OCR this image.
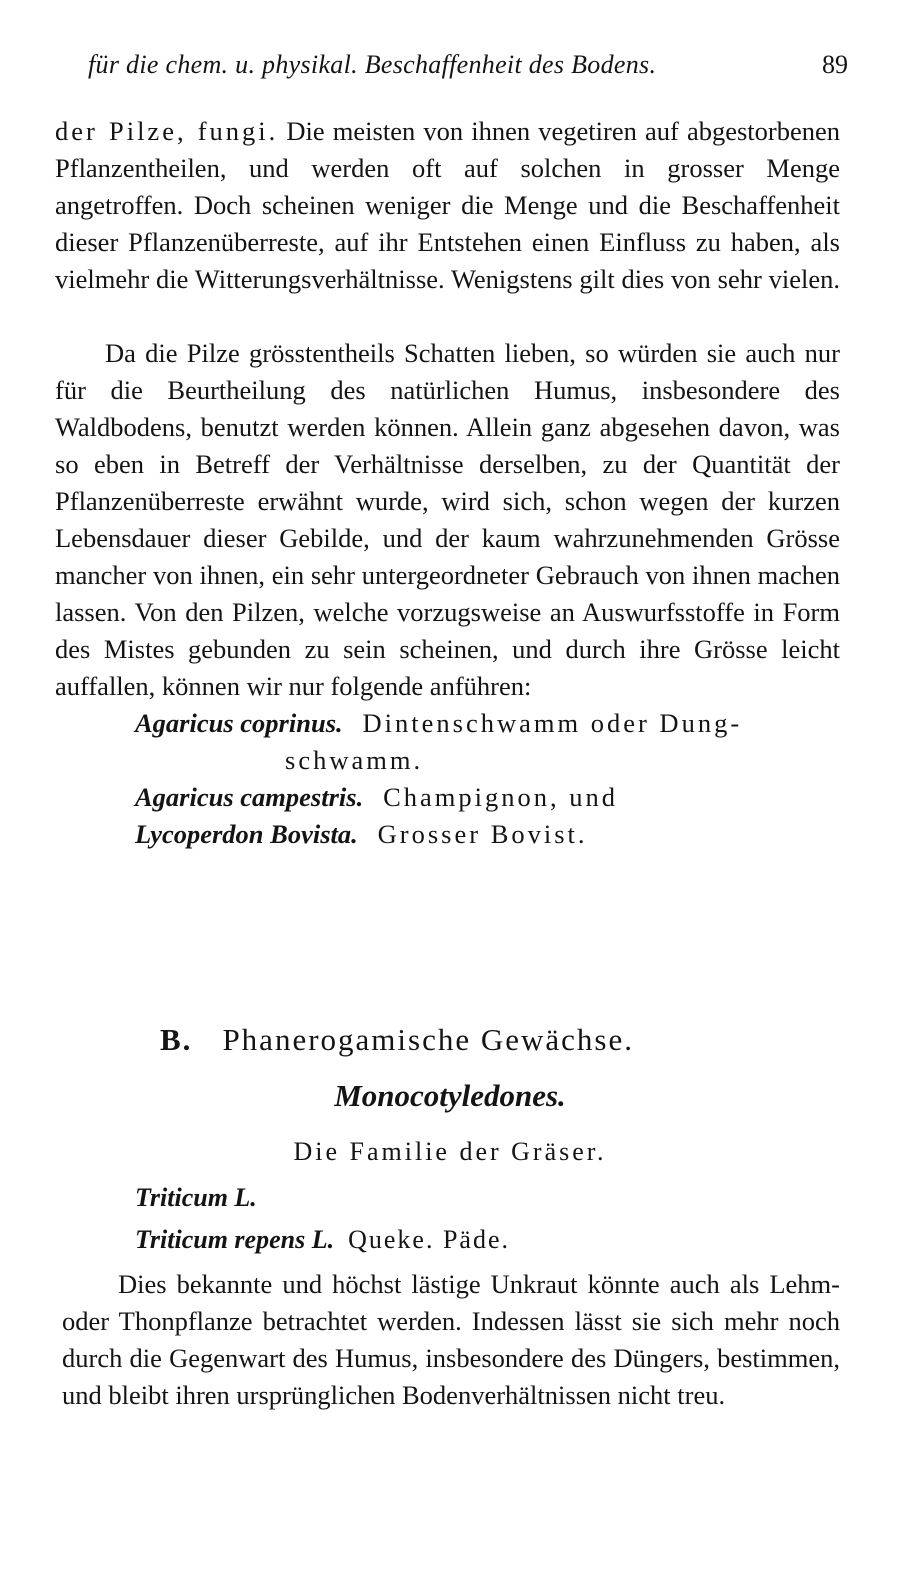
für die chem. u. physikal. Beschaffenheit des Bodens.	89

der Pilze, fungi. Die meisten von ihnen vegetiren auf abgestorbenen Pflanzentheilen, und werden oft auf solchen in grosser Menge angetroffen. Doch scheinen weniger die Menge und die Beschaffenheit dieser Pflanzenüberreste, auf ihr Entstehen einen Einfluss zu haben, als vielmehr die Witterungsverhältnisse. Wenigstens gilt dies von sehr vielen.

Da die Pilze grösstentheils Schatten lieben, so würden sie auch nur für die Beurtheilung des natürlichen Humus, insbesondere des Waldbodens, benutzt werden können. Allein ganz abgesehen davon, was so eben in Betreff der Verhältnisse derselben, zu der Quantität der Pflanzenüberreste erwähnt wurde, wird sich, schon wegen der kurzen Lebensdauer dieser Gebilde, und der kaum wahrzunehmenden Grösse mancher von ihnen, ein sehr untergeordneter Gebrauch von ihnen machen lassen. Von den Pilzen, welche vorzugsweise an Auswurfsstoffe in Form des Mistes gebunden zu sein scheinen, und durch ihre Grösse leicht auffallen, können wir nur folgende anführen:

Agaricus coprinus. Dintenschwamm oder Dung-

schwamm.

Agaricus campestris. Champignon, und

Lycoperdon Bovista. Grosser Bovist.

B. Phanerogamische Gewächse.
Monocotyledones.
Die Familie der Gräser.
Triticum L.
Triticum repens L. Queke. Päde.

Dies bekannte und höchst lästige Unkraut könnte auch als Lehm- oder Thonpflanze betrachtet werden. Indessen lässt sie sich mehr noch durch die Gegenwart des Humus, insbesondere des Düngers, bestimmen, und bleibt ihren ursprünglichen Bodenverhältnissen nicht treu.
